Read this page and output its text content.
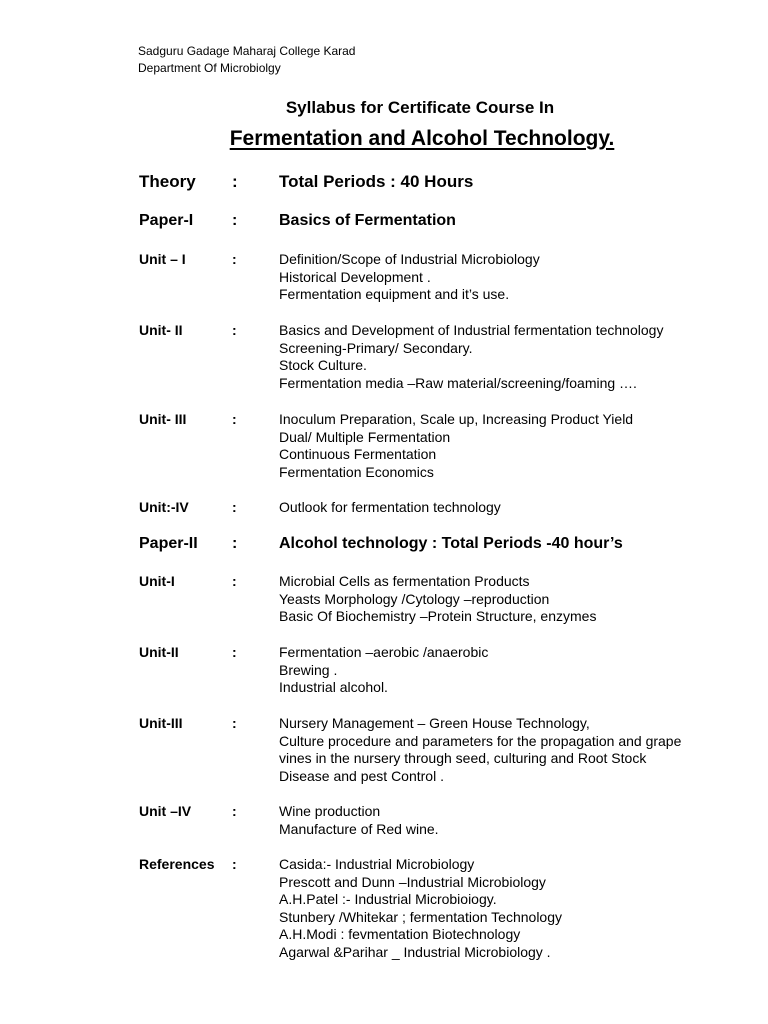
Sadguru Gadage Maharaj College Karad
Department Of Microbiolgy
Syllabus for Certificate Course In
Fermentation and Alcohol Technology.
Theory : Total Periods : 40 Hours
Paper-I :	Basics of Fermentation
Unit – I	:	Definition/Scope of Industrial Microbiology
Historical Development .
Fermentation equipment and it’s use.
Unit- II	:	Basics and Development of Industrial fermentation technology
Screening-Primary/ Secondary.
Stock Culture.
Fermentation media –Raw material/screening/foaming ….
Unit- III	:	Inoculum Preparation, Scale up, Increasing Product Yield
Dual/ Multiple Fermentation
Continuous Fermentation
Fermentation Economics
Unit:-IV	:	Outlook for fermentation technology
Paper-II :	Alcohol technology : Total Periods -40 hour’s
Unit-I	:	Microbial Cells as fermentation Products
Yeasts Morphology /Cytology –reproduction
Basic Of Biochemistry –Protein Structure, enzymes
Unit-II	:	Fermentation –aerobic /anaerobic
Brewing .
Industrial alcohol.
Unit-III	:	Nursery Management – Green House Technology,
Culture procedure and parameters for the propagation and grape
vines in the nursery through seed, culturing and Root Stock
Disease and pest Control .
Unit –IV	:	Wine production
Manufacture of Red wine.
References :	Casida:- Industrial Microbiology
Prescott and Dunn –Industrial Microbiology
A.H.Patel :- Industrial Microbioiogy.
Stunbery /Whitekar ; fermentation Technology
A.H.Modi : fevmentation Biotechnology
Agarwal &Parihar _ Industrial Microbiology .
